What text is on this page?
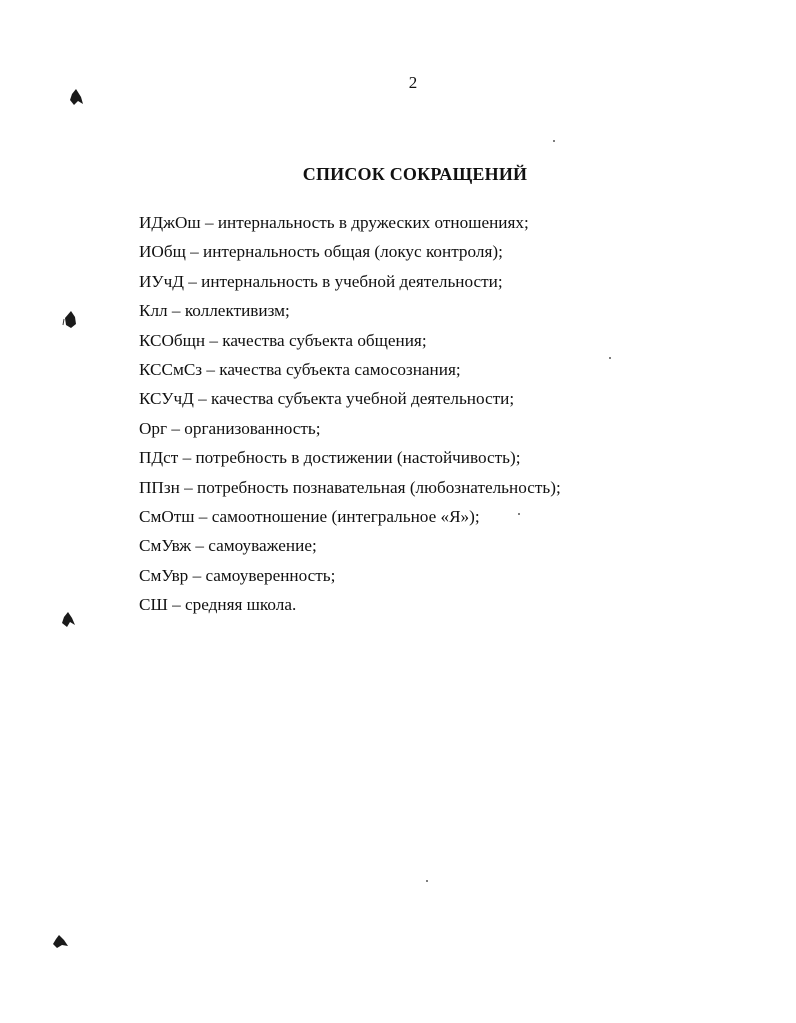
2
СПИСОК СОКРАЩЕНИЙ
ИДжОш – интернальность в дружеских отношениях;
ИОбщ – интернальность общая (локус контроля);
ИУчД – интернальность в учебной деятельности;
Клл – коллективизм;
КСОбщн – качества субъекта общения;
КССмСз – качества субъекта самосознания;
КСУчД – качества субъекта учебной деятельности;
Орг – организованность;
ПДст – потребность в достижении (настойчивость);
ППзн – потребность познавательная (любознательность);
СмОтш – самоотношение (интегральное «Я»);
СмУвж – самоуважение;
СмУвр – самоуверенность;
СШ – средняя школа.
